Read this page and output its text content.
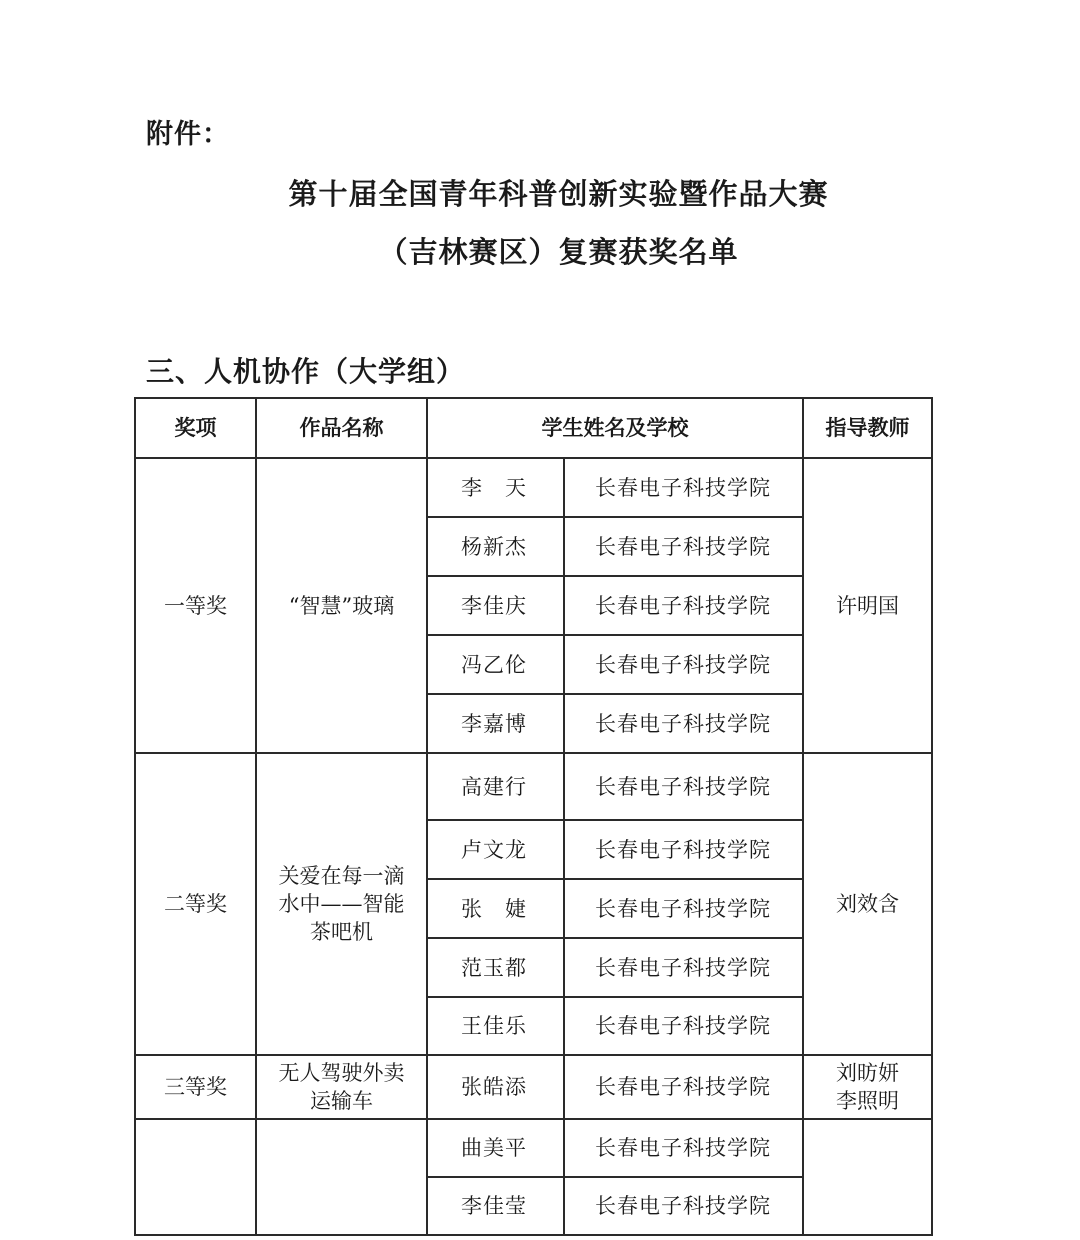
附件：
第十届全国青年科普创新实验暨作品大赛
（吉林赛区）复赛获奖名单
三、人机协作（大学组）
奖项	作品名称	学生姓名及学校		指导教师
一等奖	“智慧”玻璃	李　天	长春电子科技学院	许明国
		杨新杰	长春电子科技学院	
		李佳庆	长春电子科技学院	
		冯乙伦	长春电子科技学院	
		李嘉博	长春电子科技学院	
二等奖	关爱在每一滴
水中——智能
茶吧机	高建行	长春电子科技学院	刘效含
		卢文龙	长春电子科技学院	
		张　婕	长春电子科技学院	
		范玉都	长春电子科技学院	
		王佳乐	长春电子科技学院	
三等奖	无人驾驶外卖
运输车	张皓添	长春电子科技学院	刘昉妍
李照明
		曲美平	长春电子科技学院	
		李佳莹	长春电子科技学院	
